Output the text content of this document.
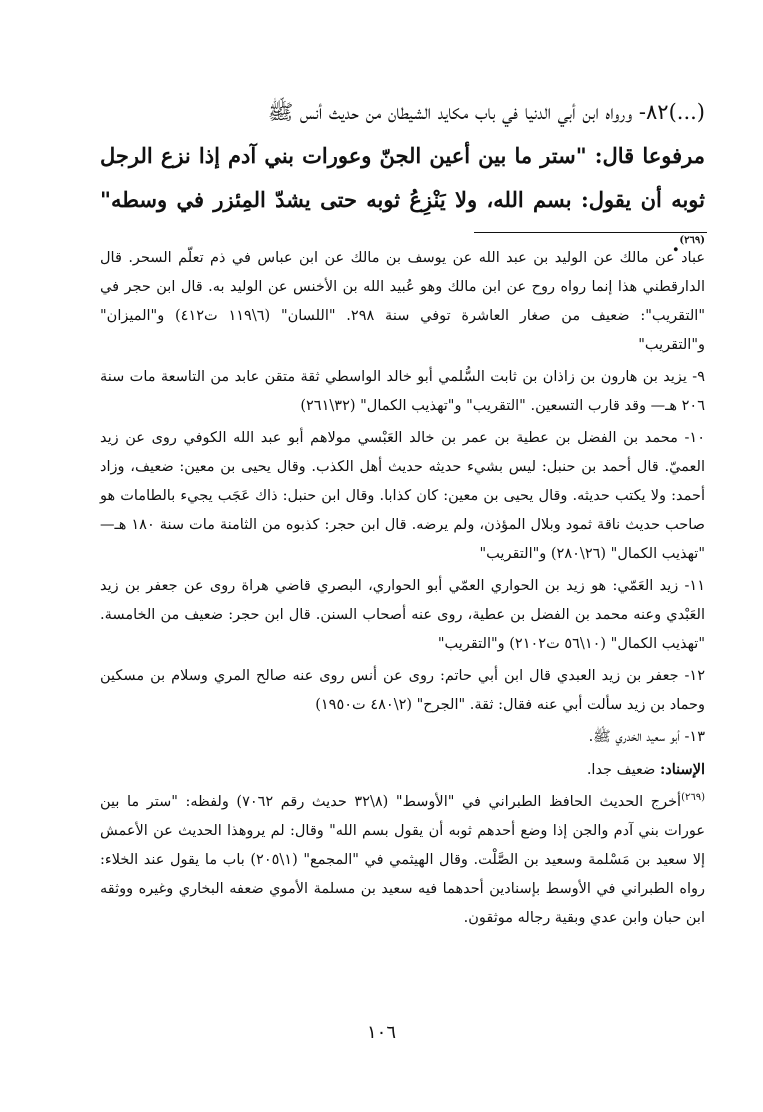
(...)٨٢- ورواه ابن أبي الدنيا في باب مكايد الشيطان من حديث أنس ﷺ

مرفوعا قال: "ستر ما بين أعين الجنّ وعورات بني آدم إذا نزع الرجل ثوبه أن يقول: بسم الله، ولا يَنْزِعُ ثوبه حتى يشدّ المِئزر في وسطه"$^{(٢٦٩)}$.

عباد عن مالك عن الوليد بن عبد الله عن يوسف بن مالك عن ابن عباس في ذم تعلّم السحر. قال الدارقطني هذا إنما رواه روح عن ابن مالك وهو عُبيد الله بن الأخنس عن الوليد به. قال ابن حجر في "التقريب": ضعيف من صغار العاشرة توفي سنة ٢٩٨. "اللسان" (٦\١١٩ ت٤١٢) و"الميزان" و"التقريب"

٩- يزيد بن هارون بن زاذان بن ثابت السُّلمي أبو خالد الواسطي ثقة متقن عابد من التاسعة مات سنة ٢٠٦ هـ— وقد قارب التسعين. "التقريب" و"تهذيب الكمال" (٣٢\٢٦١)

١٠- محمد بن الفضل بن عطية بن عمر بن خالد العَبْسي مولاهم أبو عبد الله الكوفي روى عن زيد العميّ. قال أحمد بن حنبل: ليس بشيء حديثه حديث أهل الكذب. وقال يحيى بن معين: ضعيف، وزاد أحمد: ولا يكتب حديثه. وقال يحيى بن معين: كان كذابا. وقال ابن حنبل: ذاك عَجَب يجيء بالطامات هو صاحب حديث ناقة ثمود وبلال المؤذن، ولم يرضه. قال ابن حجر: كذبوه من الثامنة مات سنة ١٨٠ هـ— "تهذيب الكمال" (٢٦\٢٨٠) و"التقريب"

١١- زيد العَمّي: هو زيد بن الحواري العمّي أبو الحواري، البصري قاضي هراة روى عن جعفر بن زيد العَبْدي وعنه محمد بن الفضل بن عطية، روى عنه أصحاب السنن. قال ابن حجر: ضعيف من الخامسة. "تهذيب الكمال" (١٠\٥٦ ت٢١٠٢) و"التقريب"

١٢- جعفر بن زيد العبدي قال ابن أبي حاتم: روى عن أنس روى عنه صالح المري وسلام بن مسكين وحماد بن زيد سألت أبي عنه فقال: ثقة. "الجرح" (٢\٤٨٠ ت١٩٥٠)

١٣- أبو سعيد الخدري ﷺ.

الإسناد: ضعيف جدا.

$^{(٢٦٩)}$أخرج الحديث الحافظ الطبراني في "الأوسط" (٨\٣٢ حديث رقم ٧٠٦٢) ولفظه: "ستر ما بين عورات بني آدم والجن إذا وضع أحدهم ثوبه أن يقول بسم الله" وقال: لم يروهذا الحديث عن الأعمش إلا سعيد بن مَسْلمة وسعيد بن الصَّلْت. وقال الهيثمي في "المجمع" (١\٢٠٥) باب ما يقول عند الخلاء: رواه الطبراني في الأوسط بإسنادين أحدهما فيه سعيد بن مسلمة الأموي ضعفه البخاري وغيره ووثقه ابن حبان وابن عدي وبقية رجاله موثقون.

١٠٦
